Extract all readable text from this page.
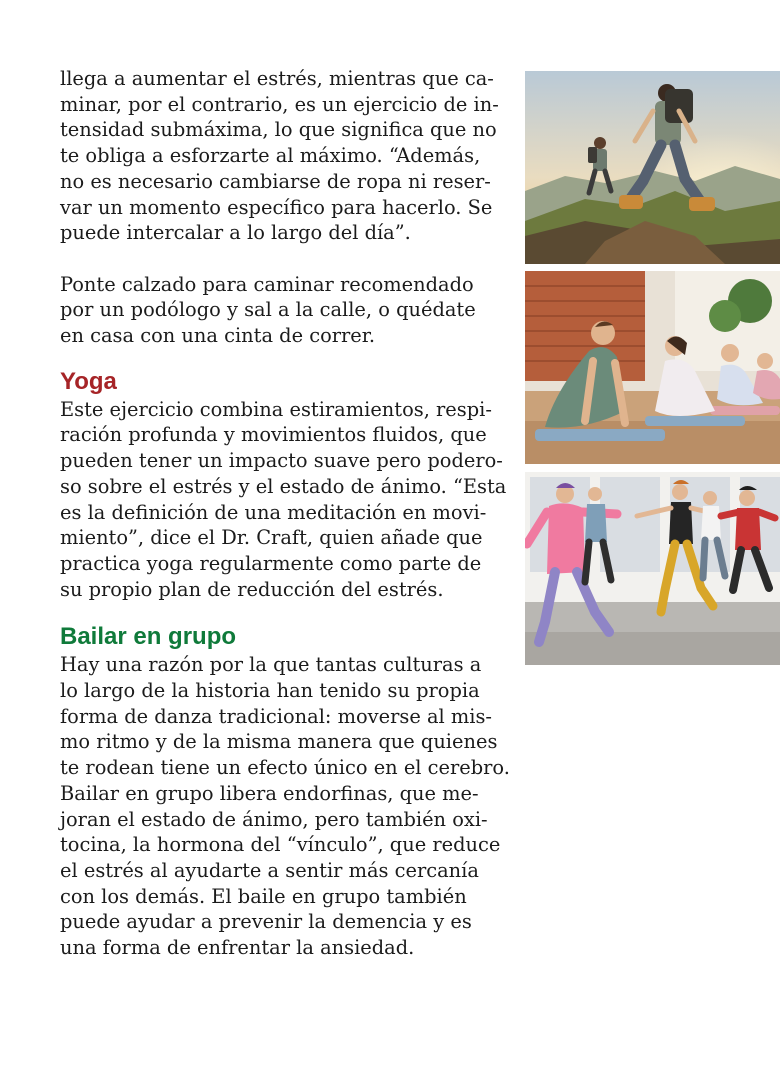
llega a aumentar el estrés, mientras que ca-
minar, por el contrario, es un ejercicio de in-
tensidad submáxima, lo que significa que no
te obliga a esforzarte al máximo. “Además,
no es necesario cambiarse de ropa ni reser-
var un momento específico para hacerlo. Se
puede intercalar a lo largo del día”.

Ponte calzado para caminar recomendado
por un podólogo y sal a la calle, o quédate
en casa con una cinta de correr.

Yoga

Este ejercicio combina estiramientos, respi-
ración profunda y movimientos fluidos, que
pueden tener un impacto suave pero podero-
so sobre el estrés y el estado de ánimo. “Esta
es la definición de una meditación en movi-
miento”, dice el Dr. Craft, quien añade que
practica yoga regularmente como parte de
su propio plan de reducción del estrés.

Bailar en grupo

Hay una razón por la que tantas culturas a
lo largo de la historia han tenido su propia
forma de danza tradicional: moverse al mis-
mo ritmo y de la misma manera que quienes
te rodean tiene un efecto único en el cerebro.
Bailar en grupo libera endorfinas, que me-
joran el estado de ánimo, pero también oxi-
tocina, la hormona del “vínculo”, que reduce
el estrés al ayudarte a sentir más cercanía
con los demás. El baile en grupo también
puede ayudar a prevenir la demencia y es
una forma de enfrentar la ansiedad.
